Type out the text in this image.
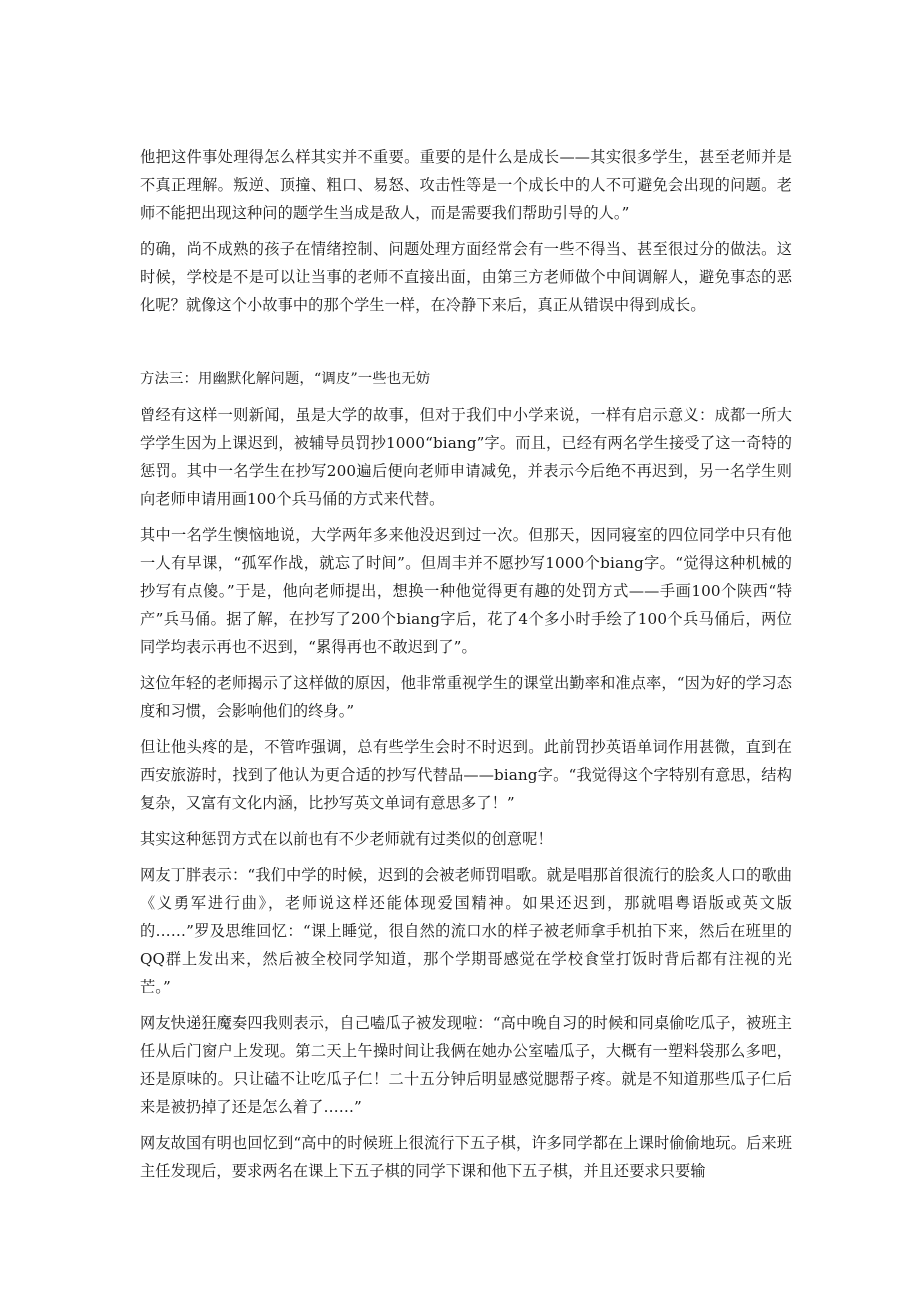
他把这件事处理得怎么样其实并不重要。重要的是什么是成长——其实很多学生，甚至老师并是不真正理解。叛逆、顶撞、粗口、易怒、攻击性等是一个成长中的人不可避免会出现的问题。老师不能把出现这种问的题学生当成是敌人，而是需要我们帮助引导的人。”

的确，尚不成熟的孩子在情绪控制、问题处理方面经常会有一些不得当、甚至很过分的做法。这时候，学校是不是可以让当事的老师不直接出面，由第三方老师做个中间调解人，避免事态的恶化呢？就像这个小故事中的那个学生一样，在冷静下来后，真正从错误中得到成长。

方法三：用幽默化解问题，“调皮”一些也无妨

曾经有这样一则新闻，虽是大学的故事，但对于我们中小学来说，一样有启示意义：成都一所大学学生因为上课迟到，被辅导员罚抄1000“biang”字。而且，已经有两名学生接受了这一奇特的惩罚。其中一名学生在抄写200遍后便向老师申请减免，并表示今后绝不再迟到，另一名学生则向老师申请用画100个兵马俑的方式来代替。

其中一名学生懊恼地说，大学两年多来他没迟到过一次。但那天，因同寝室的四位同学中只有他一人有早课，“孤军作战，就忘了时间”。但周丰并不愿抄写1000个biang字。“觉得这种机械的抄写有点傻。”于是，他向老师提出，想换一种他觉得更有趣的处罚方式——手画100个陕西“特产”兵马俑。据了解，在抄写了200个biang字后，花了4个多小时手绘了100个兵马俑后，两位同学均表示再也不迟到，“累得再也不敢迟到了”。

这位年轻的老师揭示了这样做的原因，他非常重视学生的课堂出勤率和准点率，“因为好的学习态度和习惯，会影响他们的终身。”

但让他头疼的是，不管咋强调，总有些学生会时不时迟到。此前罚抄英语单词作用甚微，直到在西安旅游时，找到了他认为更合适的抄写代替品——biang字。“我觉得这个字特别有意思，结构复杂，又富有文化内涵，比抄写英文单词有意思多了！”

其实这种惩罚方式在以前也有不少老师就有过类似的创意呢！

网友丁胖表示：“我们中学的时候，迟到的会被老师罚唱歌。就是唱那首很流行的脍炙人口的歌曲《义勇军进行曲》，老师说这样还能体现爱国精神。如果还迟到，那就唱粤语版或英文版的……”罗及思维回忆：“课上睡觉，很自然的流口水的样子被老师拿手机拍下来，然后在班里的QQ群上发出来，然后被全校同学知道，那个学期哥感觉在学校食堂打饭时背后都有注视的光芒。”

网友快递狂魔奏四我则表示，自己嗑瓜子被发现啦：“高中晚自习的时候和同桌偷吃瓜子，被班主任从后门窗户上发现。第二天上午操时间让我俩在她办公室嗑瓜子，大概有一塑料袋那么多吧，还是原味的。只让磕不让吃瓜子仁！二十五分钟后明显感觉腮帮子疼。就是不知道那些瓜子仁后来是被扔掉了还是怎么着了……”

网友故国有明也回忆到“高中的时候班上很流行下五子棋，许多同学都在上课时偷偷地玩。后来班主任发现后，要求两名在课上下五子棋的同学下课和他下五子棋，并且还要求只要输
